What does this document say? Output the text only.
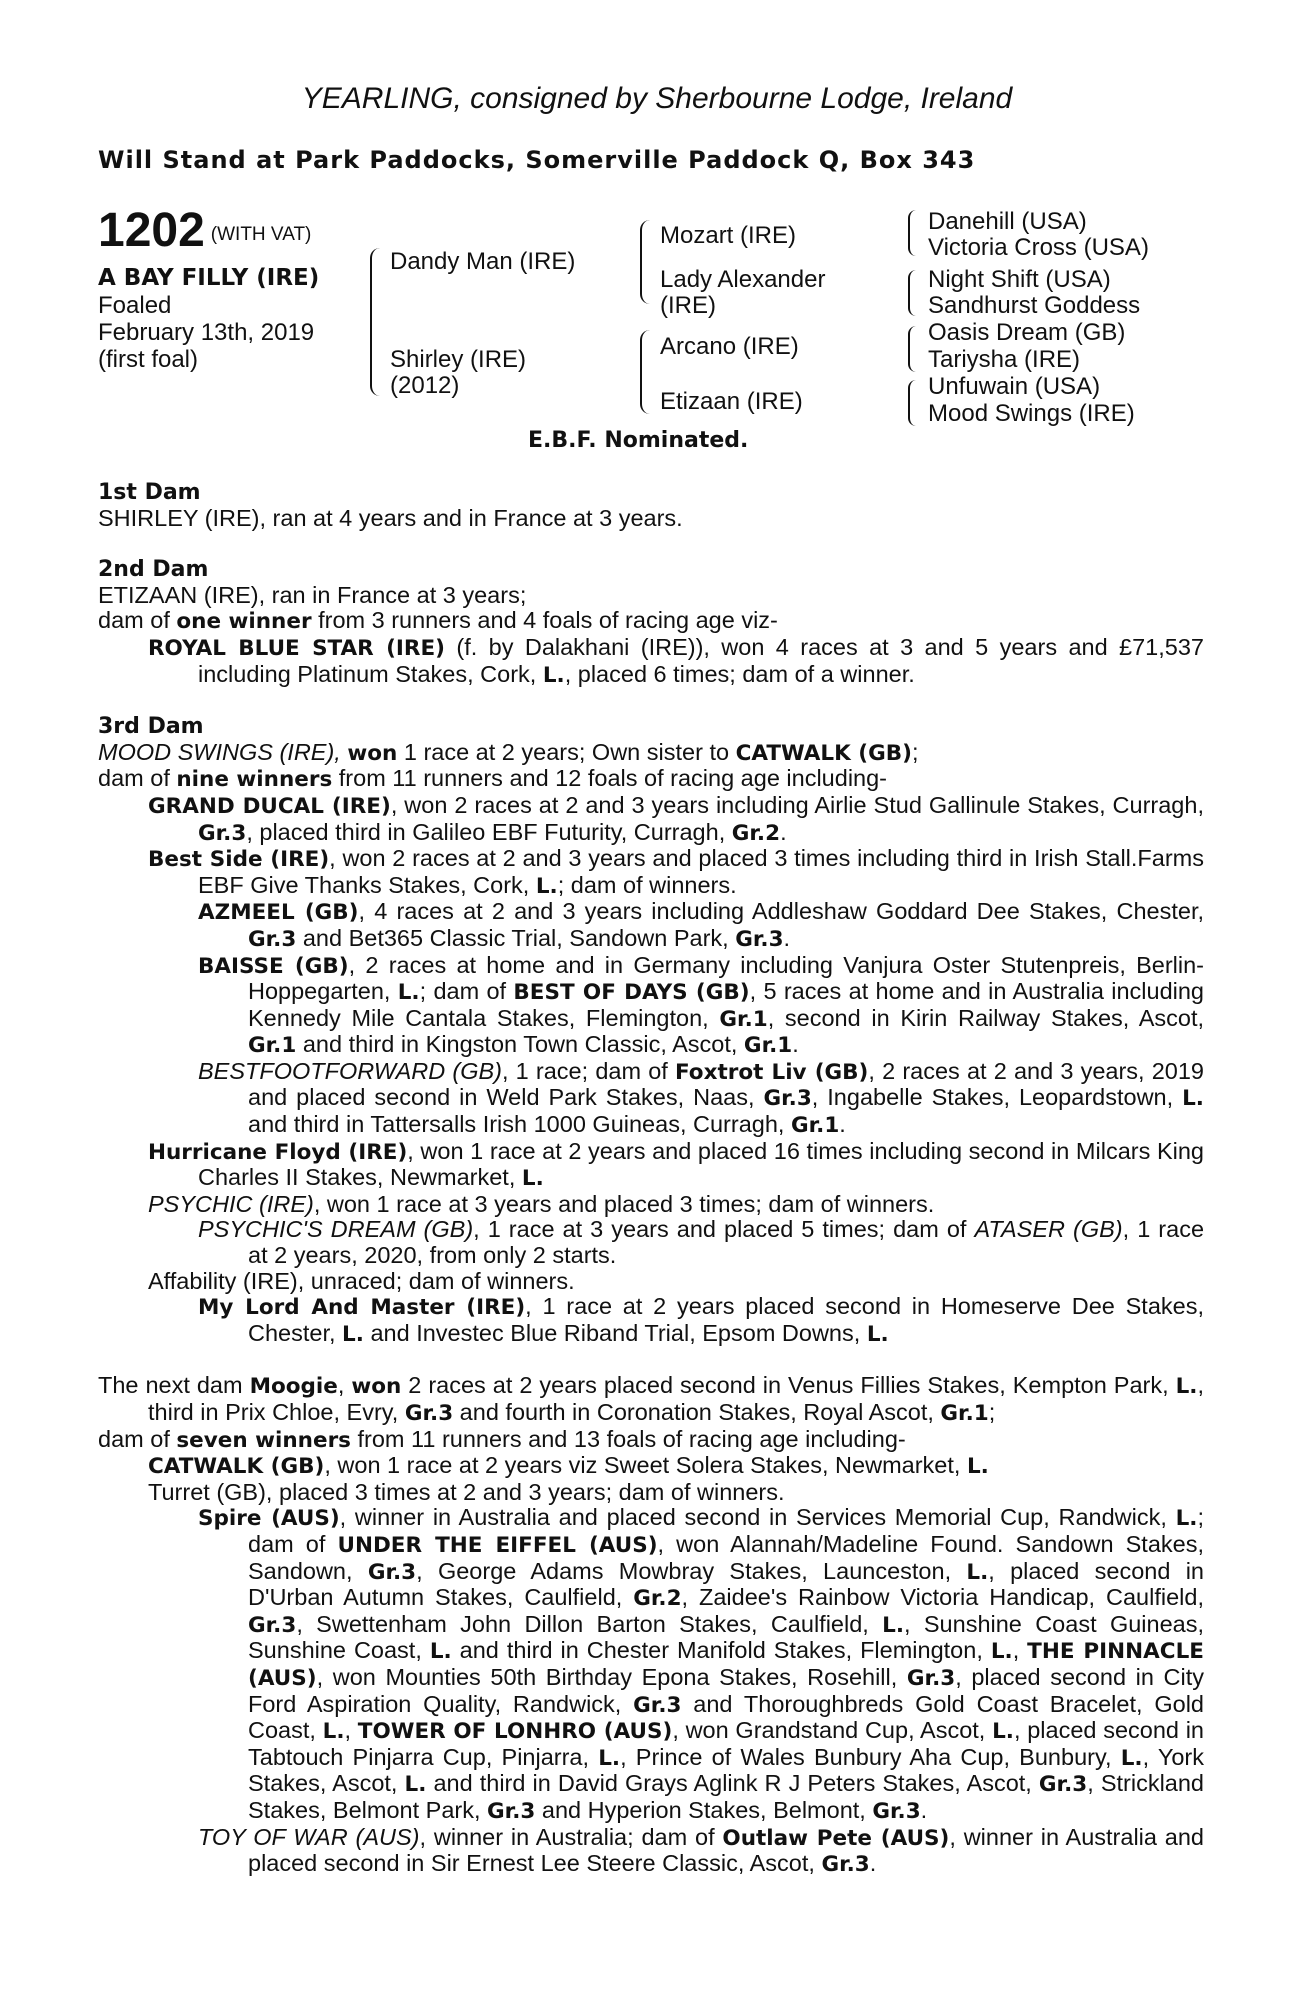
YEARLING, consigned by Sherbourne Lodge, Ireland
Will Stand at Park Paddocks, Somerville Paddock Q, Box 343
1202 (WITH VAT)
A BAY FILLY (IRE)
Foaled
February 13th, 2019
(first foal)
Dandy Man (IRE)
Shirley (IRE)
(2012)
Mozart (IRE)
Lady Alexander
(IRE)
Arcano (IRE)
Etizaan (IRE)
Danehill (USA)
Victoria Cross (USA)
Night Shift (USA)
Sandhurst Goddess
Oasis Dream (GB)
Tariysha (IRE)
Unfuwain (USA)
Mood Swings (IRE)
E.B.F. Nominated.
1st Dam
SHIRLEY (IRE), ran at 4 years and in France at 3 years.
2nd Dam
ETIZAAN (IRE), ran in France at 3 years;
dam of one winner from 3 runners and 4 foals of racing age viz-
ROYAL BLUE STAR (IRE) (f. by Dalakhani (IRE)), won 4 races at 3 and 5 years and £71,537 including Platinum Stakes, Cork, L., placed 6 times; dam of a winner.
3rd Dam
MOOD SWINGS (IRE), won 1 race at 2 years; Own sister to CATWALK (GB);
dam of nine winners from 11 runners and 12 foals of racing age including-
GRAND DUCAL (IRE), won 2 races at 2 and 3 years including Airlie Stud Gallinule Stakes, Curragh, Gr.3, placed third in Galileo EBF Futurity, Curragh, Gr.2.
Best Side (IRE), won 2 races at 2 and 3 years and placed 3 times including third in Irish Stall.Farms EBF Give Thanks Stakes, Cork, L.; dam of winners.
AZMEEL (GB), 4 races at 2 and 3 years including Addleshaw Goddard Dee Stakes, Chester, Gr.3 and Bet365 Classic Trial, Sandown Park, Gr.3.
BAISSE (GB), 2 races at home and in Germany including Vanjura Oster Stutenpreis, Berlin-Hoppegarten, L.; dam of BEST OF DAYS (GB), 5 races at home and in Australia including Kennedy Mile Cantala Stakes, Flemington, Gr.1, second in Kirin Railway Stakes, Ascot, Gr.1 and third in Kingston Town Classic, Ascot, Gr.1.
BESTFOOTFORWARD (GB), 1 race; dam of Foxtrot Liv (GB), 2 races at 2 and 3 years, 2019 and placed second in Weld Park Stakes, Naas, Gr.3, Ingabelle Stakes, Leopardstown, L. and third in Tattersalls Irish 1000 Guineas, Curragh, Gr.1.
Hurricane Floyd (IRE), won 1 race at 2 years and placed 16 times including second in Milcars King Charles II Stakes, Newmarket, L.
PSYCHIC (IRE), won 1 race at 3 years and placed 3 times; dam of winners.
PSYCHIC'S DREAM (GB), 1 race at 3 years and placed 5 times; dam of ATASER (GB), 1 race at 2 years, 2020, from only 2 starts.
Affability (IRE), unraced; dam of winners.
My Lord And Master (IRE), 1 race at 2 years placed second in Homeserve Dee Stakes, Chester, L. and Investec Blue Riband Trial, Epsom Downs, L.
The next dam Moogie, won 2 races at 2 years placed second in Venus Fillies Stakes, Kempton Park, L., third in Prix Chloe, Evry, Gr.3 and fourth in Coronation Stakes, Royal Ascot, Gr.1;
dam of seven winners from 11 runners and 13 foals of racing age including-
CATWALK (GB), won 1 race at 2 years viz Sweet Solera Stakes, Newmarket, L.
Turret (GB), placed 3 times at 2 and 3 years; dam of winners.
Spire (AUS), winner in Australia and placed second in Services Memorial Cup, Randwick, L.; dam of UNDER THE EIFFEL (AUS), won Alannah/Madeline Found. Sandown Stakes, Sandown, Gr.3, George Adams Mowbray Stakes, Launceston, L., placed second in D'Urban Autumn Stakes, Caulfield, Gr.2, Zaidee's Rainbow Victoria Handicap, Caulfield, Gr.3, Swettenham John Dillon Barton Stakes, Caulfield, L., Sunshine Coast Guineas, Sunshine Coast, L. and third in Chester Manifold Stakes, Flemington, L., THE PINNACLE (AUS), won Mounties 50th Birthday Epona Stakes, Rosehill, Gr.3, placed second in City Ford Aspiration Quality, Randwick, Gr.3 and Thoroughbreds Gold Coast Bracelet, Gold Coast, L., TOWER OF LONHRO (AUS), won Grandstand Cup, Ascot, L., placed second in Tabtouch Pinjarra Cup, Pinjarra, L., Prince of Wales Bunbury Aha Cup, Bunbury, L., York Stakes, Ascot, L. and third in David Grays Aglink R J Peters Stakes, Ascot, Gr.3, Strickland Stakes, Belmont Park, Gr.3 and Hyperion Stakes, Belmont, Gr.3.
TOY OF WAR (AUS), winner in Australia; dam of Outlaw Pete (AUS), winner in Australia and placed second in Sir Ernest Lee Steere Classic, Ascot, Gr.3.
